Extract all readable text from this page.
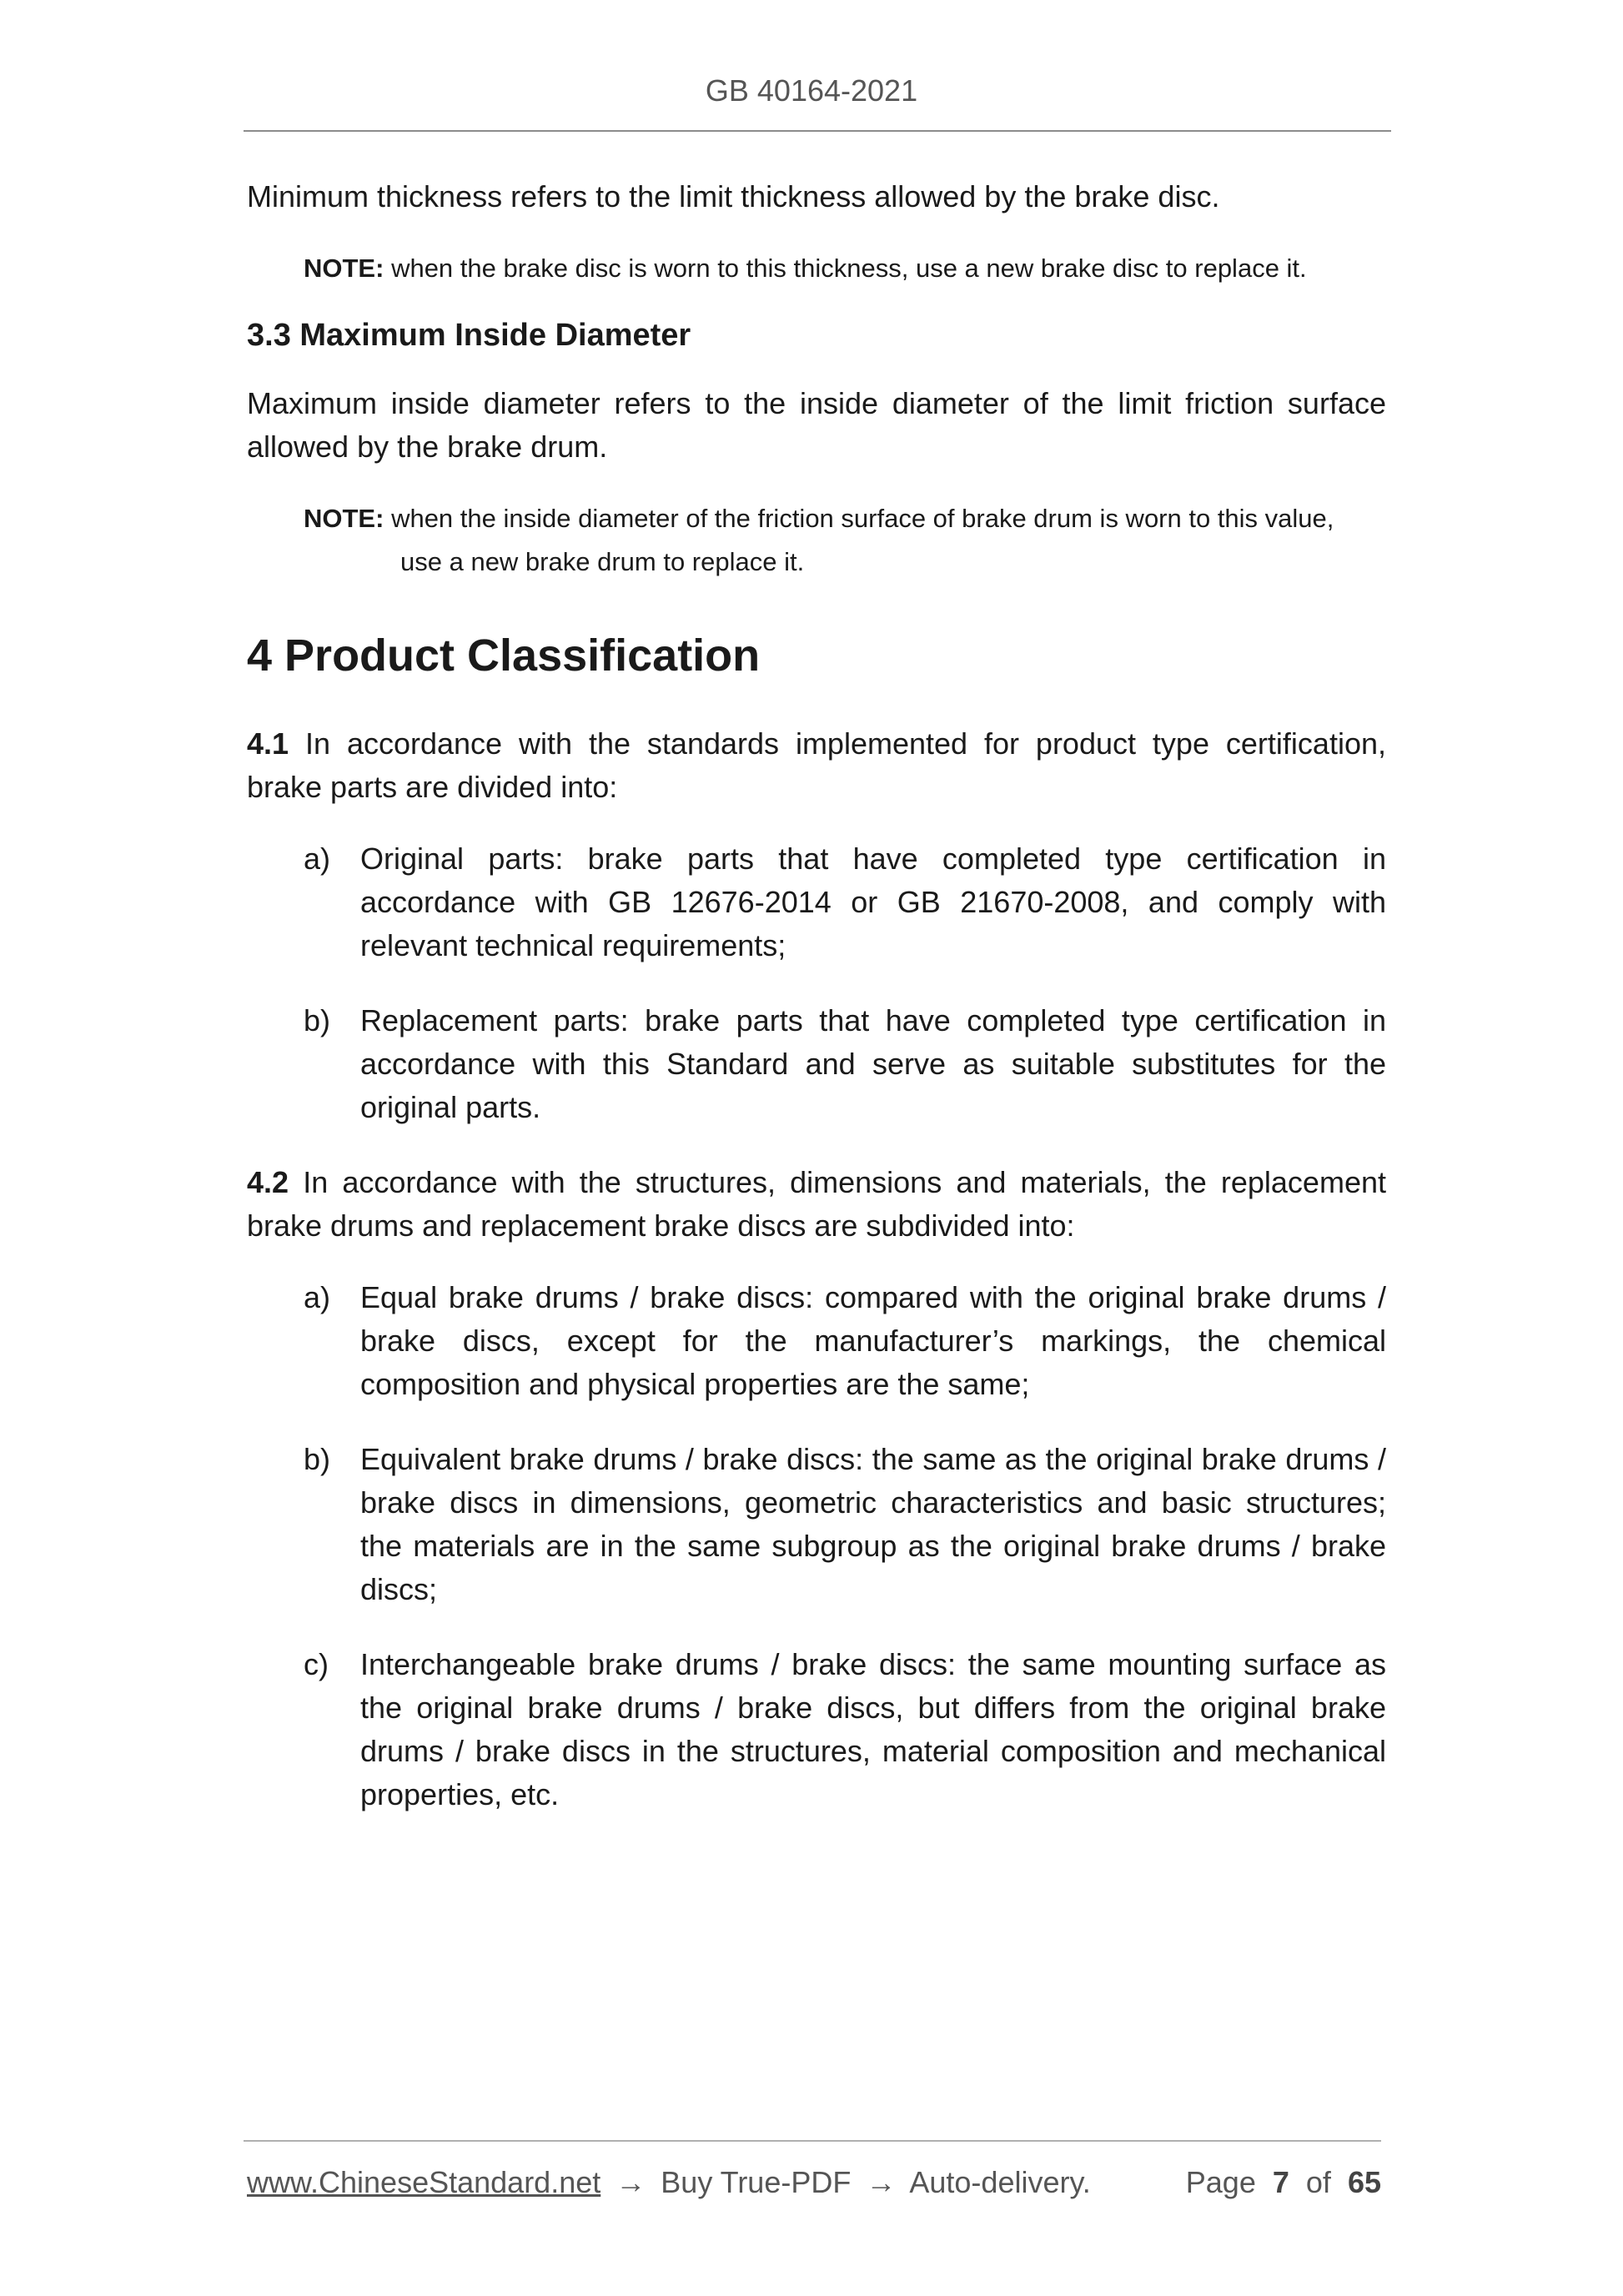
GB 40164-2021

Minimum thickness refers to the limit thickness allowed by the brake disc.

NOTE: when the brake disc is worn to this thickness, use a new brake disc to replace it.

3.3 Maximum Inside Diameter

Maximum inside diameter refers to the inside diameter of the limit friction surface allowed by the brake drum.

NOTE: when the inside diameter of the friction surface of brake drum is worn to this value,
use a new brake drum to replace it.

4 Product Classification

4.1 In accordance with the standards implemented for product type certification, brake parts are divided into:

a) Original parts: brake parts that have completed type certification in accordance with GB 12676-2014 or GB 21670-2008, and comply with relevant technical requirements;
b) Replacement parts: brake parts that have completed type certification in accordance with this Standard and serve as suitable substitutes for the original parts.

4.2 In accordance with the structures, dimensions and materials, the replacement brake drums and replacement brake discs are subdivided into:

a) Equal brake drums / brake discs: compared with the original brake drums / brake discs, except for the manufacturer’s markings, the chemical composition and physical properties are the same;
b) Equivalent brake drums / brake discs: the same as the original brake drums / brake discs in dimensions, geometric characteristics and basic structures; the materials are in the same subgroup as the original brake drums / brake discs;
c)	Interchangeable brake drums / brake discs: the same mounting surface as the original brake drums / brake discs, but differs from the original brake drums / brake discs in the structures, material composition and mechanical properties, etc.
www.ChineseStandard.net → Buy True-PDF → Auto-delivery.	Page 7 of 65
